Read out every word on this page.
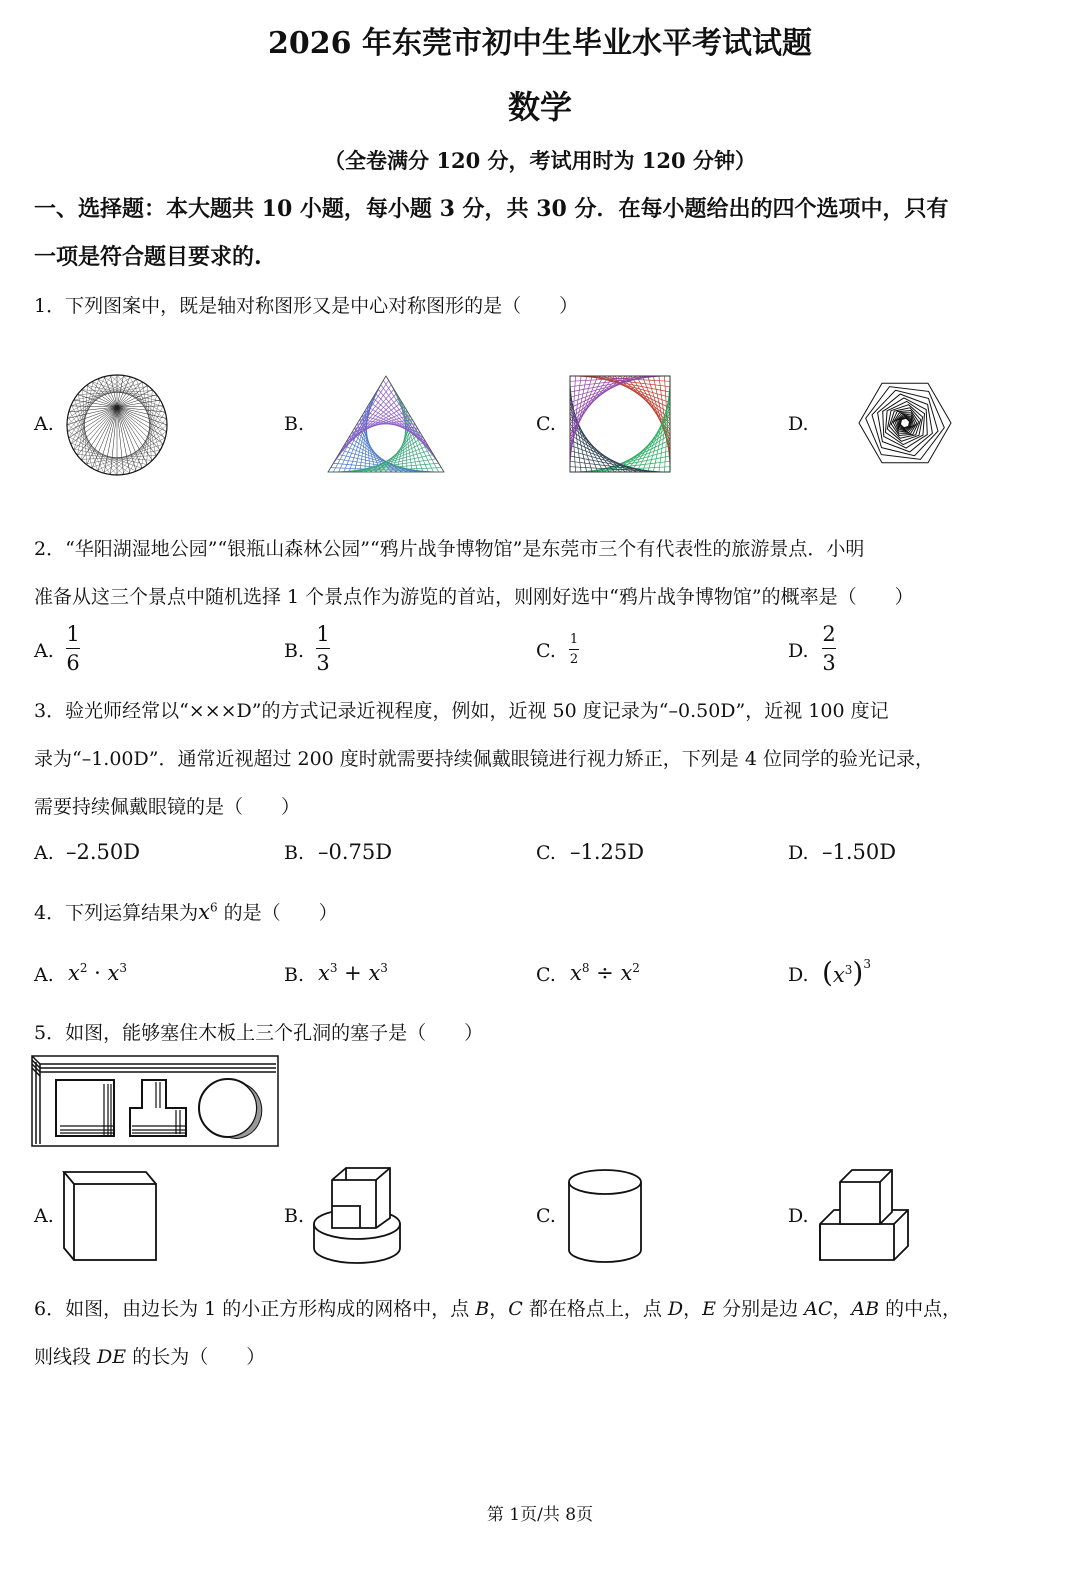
2026 年东莞市初中生毕业水平考试试题
数学
（全卷满分 120 分，考试用时为 120 分钟）
一、选择题：本大题共 10 小题，每小题 3 分，共 30 分．在每小题给出的四个选项中，只有
一项是符合题目要求的.
1．下列图案中，既是轴对称图形又是中心对称图形的是（　　）
A.	B.	C.	D.
2．“华阳湖湿地公园”“银瓶山森林公园”“鸦片战争博物馆”是东莞市三个有代表性的旅游景点．小明
准备从这三个景点中随机选择 1 个景点作为游览的首站，则刚好选中“鸦片战争博物馆”的概率是（　　）
A.
1
6	B.
1
3	C.
1
2	D.
2
3
3．验光师经常以“×××D”的方式记录近视程度，例如，近视 50 度记录为“–0.50D”，近视 100 度记
录为“–1.00D”．通常近视超过 200 度时就需要持续佩戴眼镜进行视力矫正，下列是 4 位同学的验光记录，
需要持续佩戴眼镜的是（　　）
A. –2.50D	B. –0.75D	C. –1.25D	D. –1.50D
4．下列运算结果为$x^6$ 的是（　　）
A. $x^2 \cdot x^3$	B. $x^3 + x^3$	C. $x^8 \div x^2$	D. $(x^3)^3$
5．如图，能够塞住木板上三个孔洞的塞子是（　　）
A.	B.	C.	D.
6．如图，由边长为 1 的小正方形构成的网格中，点 B，C 都在格点上，点 D，E 分别是边 AC，AB 的中点，
则线段 DE 的长为（　　）
第 1页/共 8页
